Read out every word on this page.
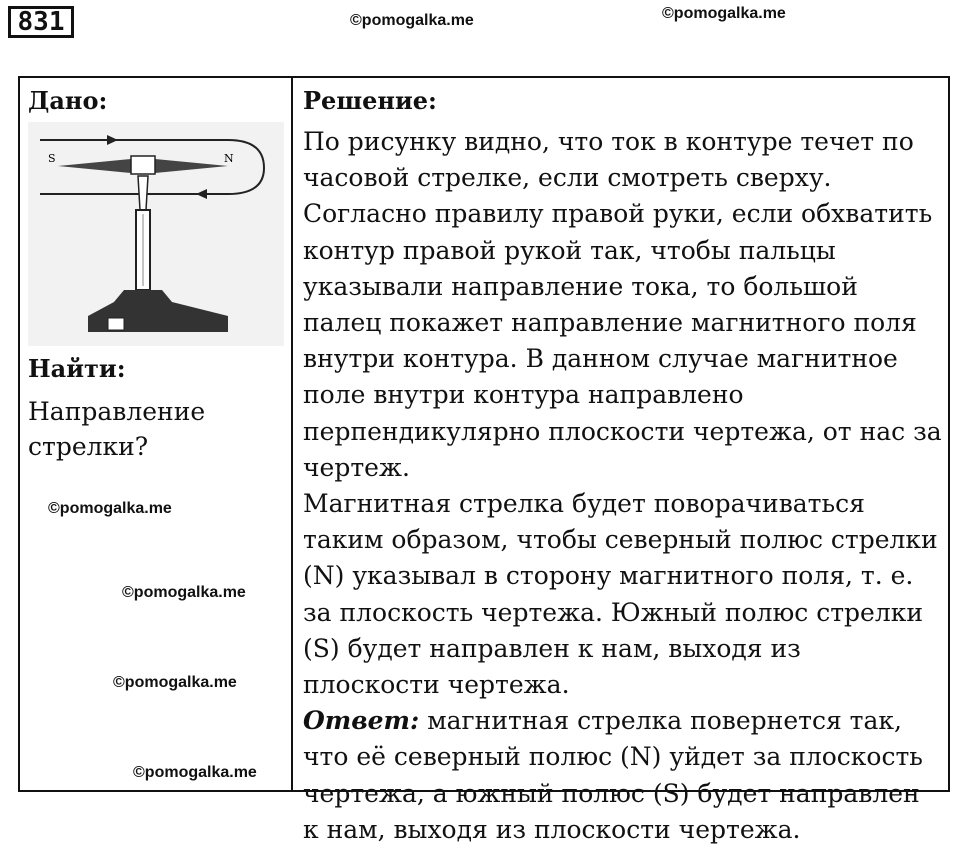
831	©pomogalka.me	©pomogalka.me
©pomogalka.me
©pomogalka.me
©pomogalka.me
©pomogalka.me
Дано:
S	N
Найти:
Направление стрелки?
Решение:

По рисунку видно, что ток в контуре течет по часовой стрелке, если смотреть сверху.

Согласно правилу правой руки, если обхватить контур правой рукой так, чтобы пальцы указывали направление тока, то большой палец покажет направление магнитного поля внутри контура. В данном случае магнитное поле внутри контура направлено перпендикулярно плоскости чертежа, от нас за чертеж.

Магнитная стрелка будет поворачиваться таким образом, чтобы северный полюс стрелки (N) указывал в сторону магнитного поля, т. е. за плоскость чертежа. Южный полюс стрелки (S) будет направлен к нам, выходя из плоскости чертежа.

Ответ: магнитная стрелка повернется так, что её северный полюс (N) уйдет за плоскость чертежа, а южный полюс (S) будет направлен к нам, выходя из плоскости чертежа.
